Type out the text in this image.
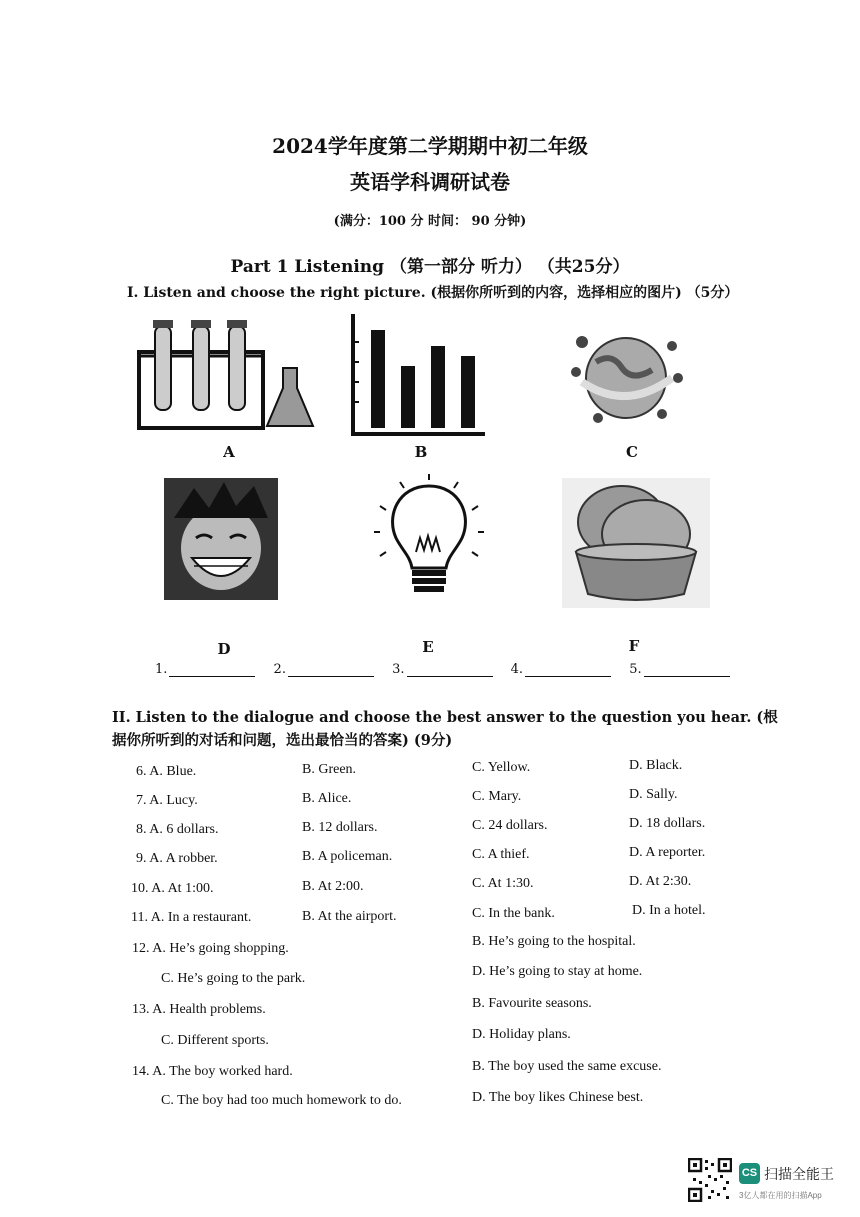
2024学年度第二学期期中初二年级
英语学科调研试卷
(满分：100 分 时间： 90 分钟)
Part 1 Listening （第一部分 听力） （共25分）
I. Listen and choose the right picture. (根据你所听到的内容，选择相应的图片) （5分）
A	B	C
D	E	F
1.	2.	3.	4.	5.
II. Listen to the dialogue and choose the best answer to the question you hear. (根据你所听到的对话和问题，选出最恰当的答案) (9分)
6. A. Blue.	B. Green.	C. Yellow.	D. Black.
7. A. Lucy.	B. Alice.	C. Mary.	D. Sally.
8. A. 6 dollars.	B. 12 dollars.	C. 24 dollars.	D. 18 dollars.
9. A. A robber.	B. A policeman.	C. A thief.	D. A reporter.
10. A. At 1:00.	B. At 2:00.	C. At 1:30.	D. At 2:30.
11. A. In a restaurant.	B. At the airport.	C. In the bank.	D. In a hotel.
12. A. He’s going shopping.	B. He’s going to the hospital.
C. He’s going to the park.	D. He’s going to stay at home.
13. A. Health problems.	B. Favourite seasons.
C. Different sports.	D. Holiday plans.
14. A. The boy worked hard.	B. The boy used the same excuse.
C. The boy had too much homework to do.	D. The boy likes Chinese best.
CS 扫描全能王
3亿人都在用的扫描App
